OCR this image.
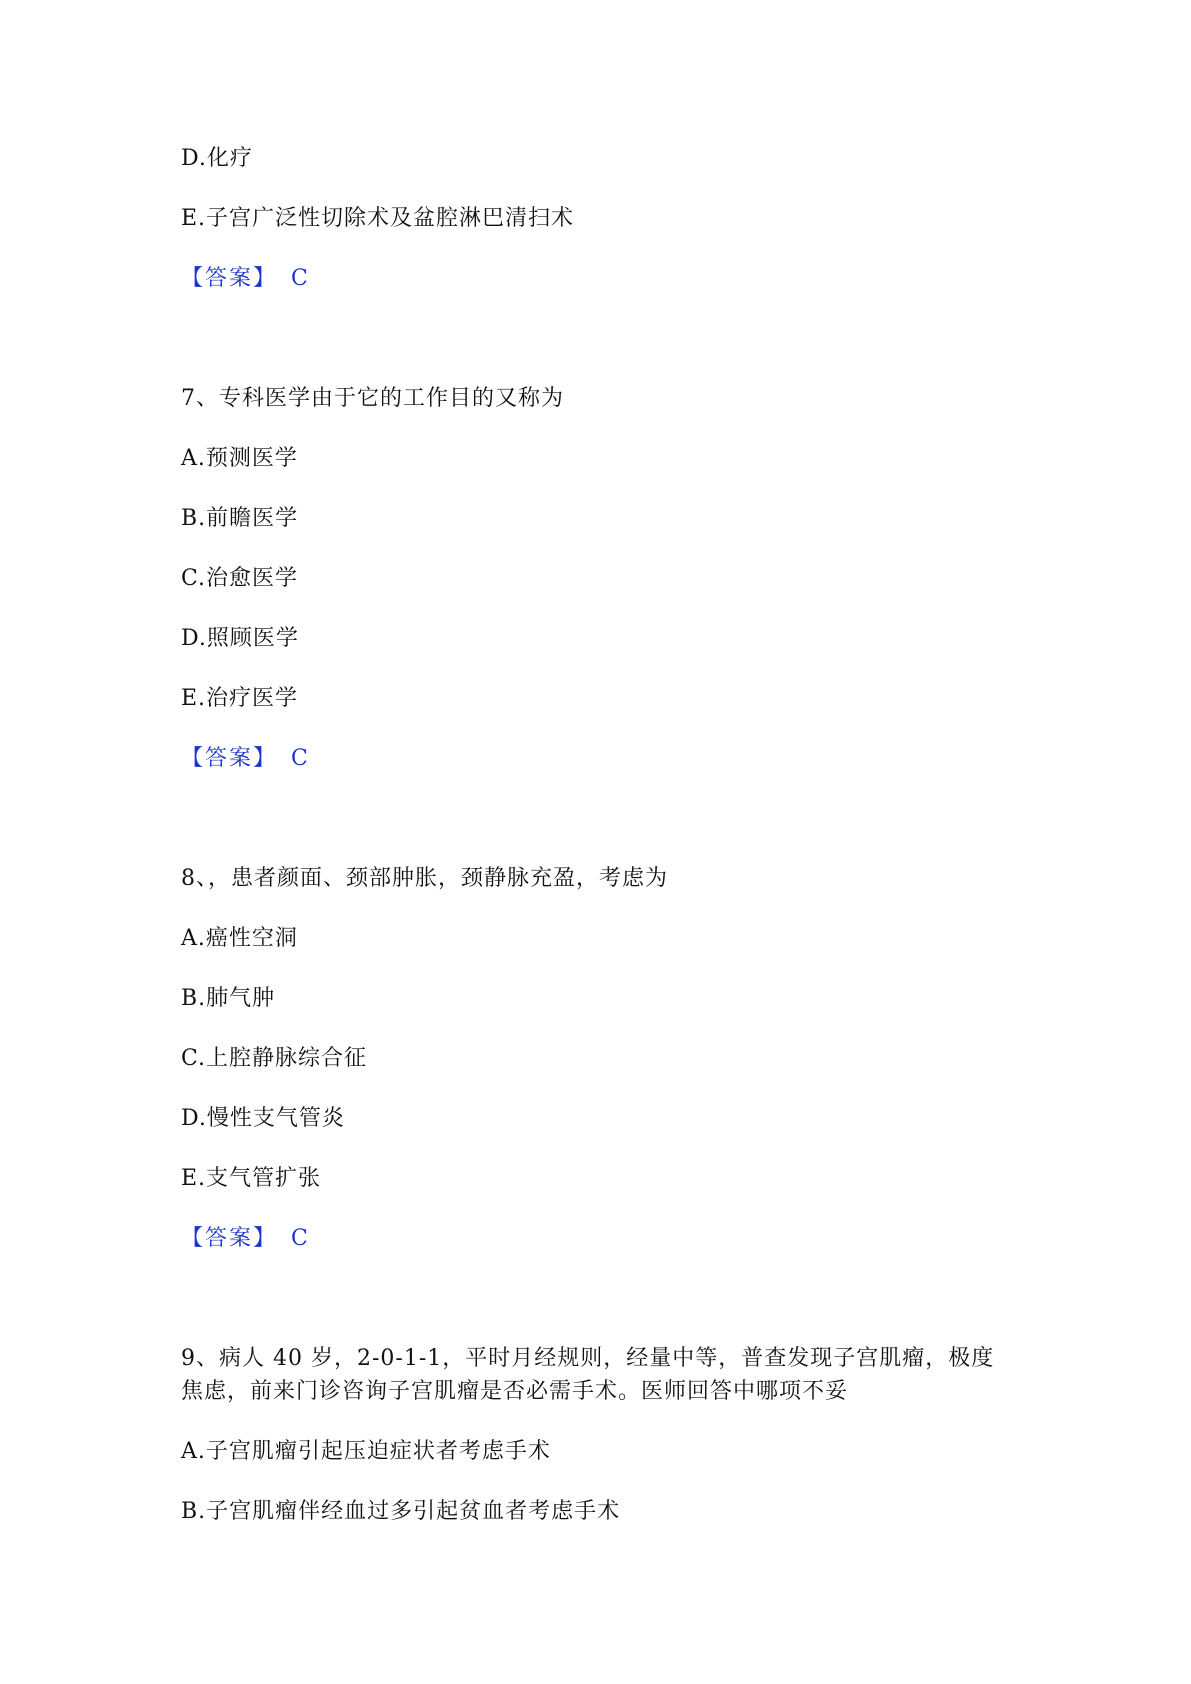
D.化疗
E.子宫广泛性切除术及盆腔淋巴清扫术
【答案】 C
7、专科医学由于它的工作目的又称为
A.预测医学
B.前瞻医学
C.治愈医学
D.照顾医学
E.治疗医学
【答案】 C
8、，患者颜面、颈部肿胀，颈静脉充盈，考虑为
A.癌性空洞
B.肺气肿
C.上腔静脉综合征
D.慢性支气管炎
E.支气管扩张
【答案】 C
9、病人 40 岁，2-0-1-1，平时月经规则，经量中等，普查发现子宫肌瘤，极度
焦虑，前来门诊咨询子宫肌瘤是否必需手术。医师回答中哪项不妥
A.子宫肌瘤引起压迫症状者考虑手术
B.子宫肌瘤伴经血过多引起贫血者考虑手术
